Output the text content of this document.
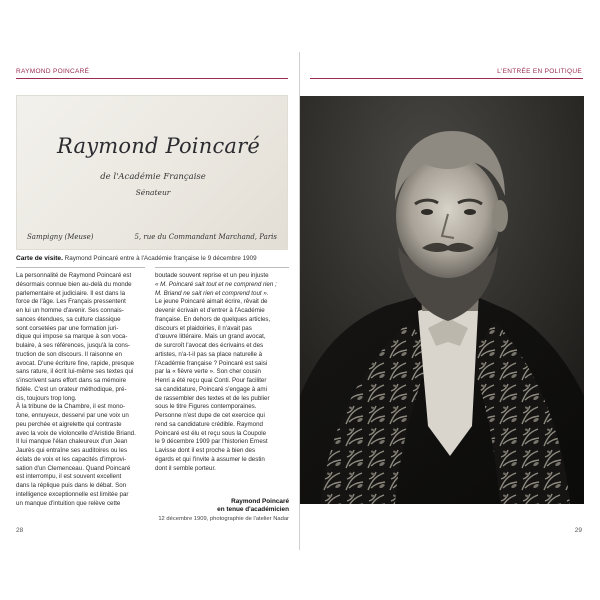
RAYMOND POINCARÉ	L'ENTRÉE EN POLITIQUE
Raymond Poincaré
de l'Académie Française
Sénateur
Sampigny (Meuse)	5, rue du Commandant Marchand, Paris
Carte de visite. Raymond Poincaré entre à l'Académie française le 9 décembre 1909

La personnalité de Raymond Poincaré est

désormais connue bien au-delà du monde

parlementaire et judiciaire. Il est dans la

force de l'âge. Les Français pressentent

en lui un homme d'avenir. Ses connais-

sances étendues, sa culture classique

sont corsetées par une formation juri-

dique qui impose sa marque à son voca-

bulaire, à ses références, jusqu'à la cons-

truction de son discours. Il raisonne en

avocat. D'une écriture fine, rapide, presque

sans rature, il écrit lui-même ses textes qui

s'inscrivent sans effort dans sa mémoire

fidèle. C'est un orateur méthodique, pré-

cis, toujours trop long.

À la tribune de la Chambre, il est mono-

tone, ennuyeux, desservi par une voix un

peu perchée et aigrelette qui contraste

avec la voix de violoncelle d'Aristide Briand.

Il lui manque l'élan chaleureux d'un Jean

Jaurès qui entraîne ses auditoires ou les

éclats de voix et les capacités d'improvi-

sation d'un Clemenceau. Quand Poincaré

est interrompu, il est souvent excellent

dans la réplique puis dans le débat. Son

intelligence exceptionnelle est limitée par

un manque d'intuition que relève cette

boutade souvent reprise et un peu injuste

« M. Poincaré sait tout et ne comprend rien ;

M. Briand ne sait rien et comprend tout ».

Le jeune Poincaré aimait écrire, rêvait de

devenir écrivain et d'entrer à l'Académie

française. En dehors de quelques articles,

discours et plaidoiries, il n'avait pas

d'œuvre littéraire. Mais un grand avocat,

de surcroît l'avocat des écrivains et des

artistes, n'a-t-il pas sa place naturelle à

l'Académie française ? Poincaré est saisi

par la « fièvre verte ». Son cher cousin

Henri a été reçu quai Conti. Pour faciliter

sa candidature, Poincaré s'engage à ami

de rassembler des textes et de les publier

sous le titre Figures contemporaines.

Personne n'est dupe de cet exercice qui

rend sa candidature crédible. Raymond

Poincaré est élu et reçu sous la Coupole

le 9 décembre 1909 par l'historien Ernest

Lavisse dont il est proche à bien des

égards et qui l'invite à assumer le destin

dont il semble porteur.

Raymond Poincaré
en tenue d'académicien
12 décembre 1909, photographie de l'atelier Nadar
28	29
